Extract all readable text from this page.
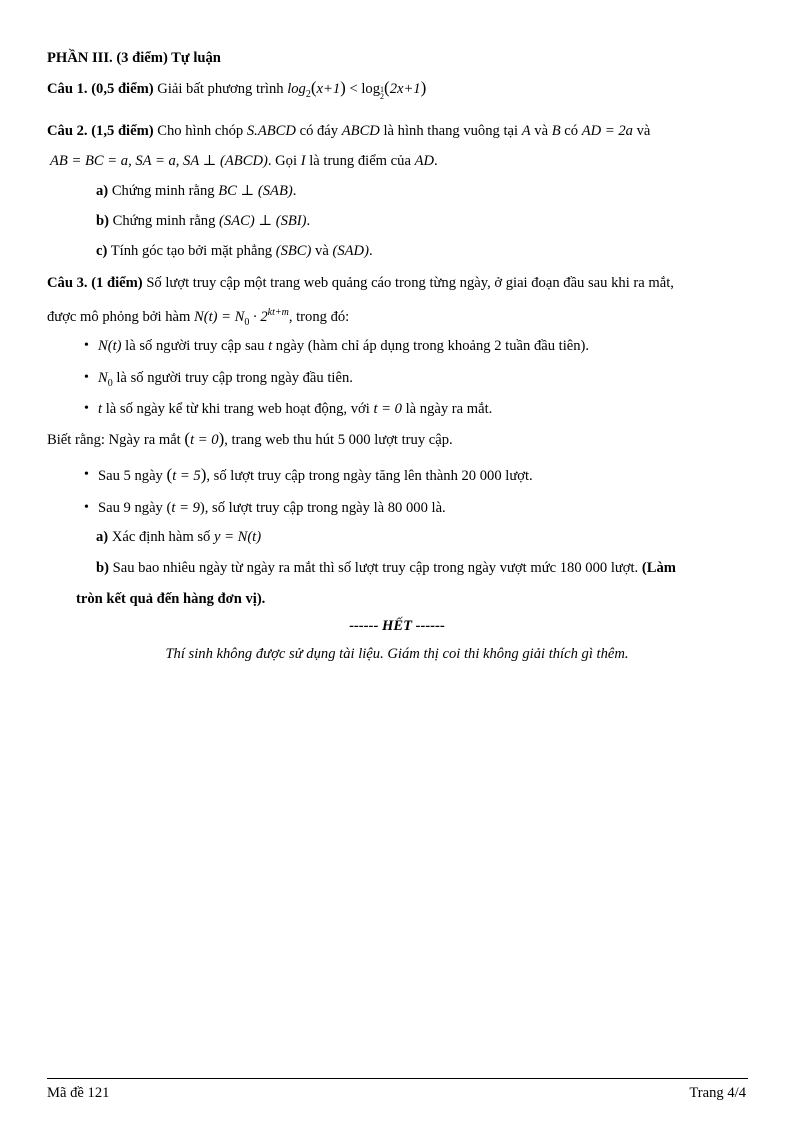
PHẦN III. (3 điểm) Tự luận
Câu 1. (0,5 điểm) Giải bất phương trình $\log_2(x+1) < \log 1$
2 (2x+1)
Câu 2. (1,5 điểm) Cho hình chóp S.ABCD có đáy ABCD là hình thang vuông tại A và B có AD = 2a và
AB = BC = a, SA = a, SA ⊥ (ABCD). Gọi I là trung điểm của AD.
a) Chứng minh rằng BC ⊥ (SAB).
b) Chứng minh rằng (SAC) ⊥ (SBI).
c) Tính góc tạo bởi mặt phẳng (SBC) và (SAD).
Câu 3. (1 điểm) Số lượt truy cập một trang web quảng cáo trong từng ngày, ở giai đoạn đầu sau khi ra mắt,
được mô phỏng bởi hàm $N(t) = N_0 \cdot 2^{kt+m}$, trong đó:
• N(t) là số người truy cập sau t ngày (hàm chỉ áp dụng trong khoảng 2 tuần đầu tiên).
• $N_0$ là số người truy cập trong ngày đầu tiên.
• t là số ngày kể từ khi trang web hoạt động, với t = 0 là ngày ra mắt.
Biết rằng: Ngày ra mắt (t = 0), trang web thu hút 5 000 lượt truy cập.
• Sau 5 ngày (t = 5), số lượt truy cập trong ngày tăng lên thành 20 000 lượt.
• Sau 9 ngày (t = 9), số lượt truy cập trong ngày là 80 000 là.
a) Xác định hàm số y = N(t)
b) Sau bao nhiêu ngày từ ngày ra mắt thì số lượt truy cập trong ngày vượt mức 180 000 lượt. (Làm
tròn kết quả đến hàng đơn vị).
------ HẾT ------
Thí sinh không được sử dụng tài liệu. Giám thị coi thi không giải thích gì thêm.
Mã đề 121	Trang 4/4
